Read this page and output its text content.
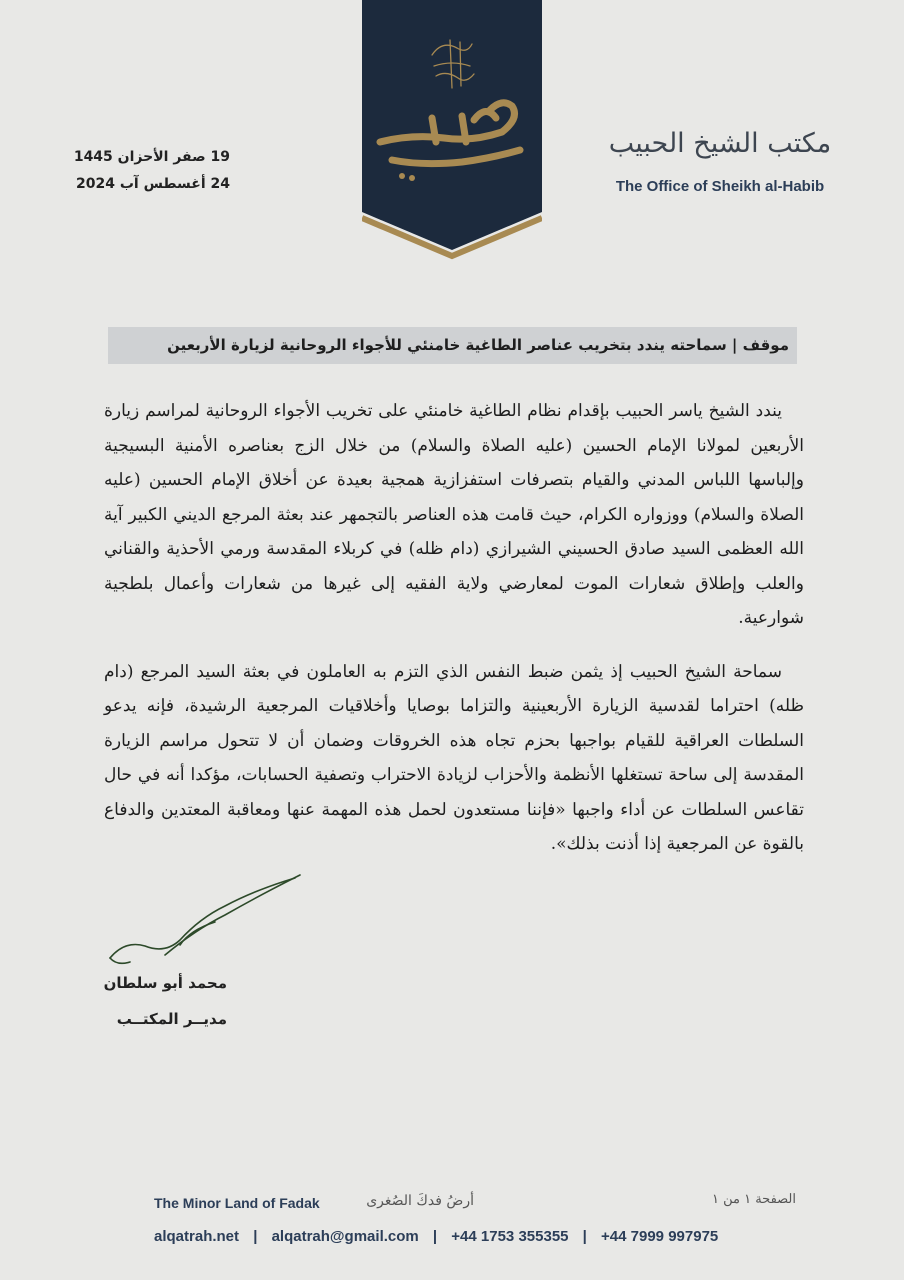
مكتب الشيخ الحبيب
The Office of Sheikh al-Habib
19 صفر الأحزان 1445
24 أغسطس آب 2024
موقف | سماحته يندد بتخريب عناصر الطاغية خامنئي للأجواء الروحانية لزيارة الأربعين

يندد الشيخ ياسر الحبيب بإقدام نظام الطاغية خامنئي على تخريب الأجواء الروحانية لمراسم زيارة الأربعين لمولانا الإمام الحسين (عليه الصلاة والسلام) من خلال الزج بعناصره الأمنية البسيجية وإلباسها اللباس المدني والقيام بتصرفات استفزازية همجية بعيدة عن أخلاق الإمام الحسين (عليه الصلاة والسلام) ووزواره الكرام، حيث قامت هذه العناصر بالتجمهر عند بعثة المرجع الديني الكبير آية الله العظمى السيد صادق الحسيني الشيرازي (دام ظله) في كربلاء المقدسة ورمي الأحذية والقناني والعلب وإطلاق شعارات الموت لمعارضي ولاية الفقيه إلى غيرها من شعارات وأعمال بلطجية شوارعية.

سماحة الشيخ الحبيب إذ يثمن ضبط النفس الذي التزم به العاملون في بعثة السيد المرجع (دام ظله) احتراما لقدسية الزيارة الأربعينية والتزاما بوصايا وأخلاقيات المرجعية الرشيدة، فإنه يدعو السلطات العراقية للقيام بواجبها بحزم تجاه هذه الخروقات وضمان أن لا تتحول مراسم الزيارة المقدسة إلى ساحة تستغلها الأنظمة والأحزاب لزيادة الاحتراب وتصفية الحسابات، مؤكدا أنه في حال تقاعس السلطات عن أداء واجبها «فإننا مستعدون لحمل هذه المهمة عنها ومعاقبة المعتدين والدفاع بالقوة عن المرجعية إذا أذنت بذلك».

محمد أبو سلطان
مديــر المكتــب
The Minor Land of Fadak	أرضُ فدكَ الصُغرى	الصفحة ١ من ١
alqatrah.net | alqatrah@gmail.com | +44 1753 355355 | +44 7999 997975
